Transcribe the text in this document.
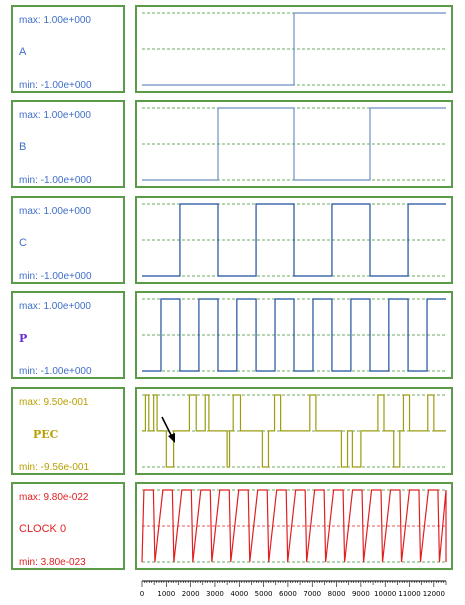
max: 1.00e+000
A
min: -1.00e+000
max: 1.00e+000
B
min: -1.00e+000
max: 1.00e+000
C
min: -1.00e+000
max: 1.00e+000
P
min: -1.00e+000
max: 9.50e-001
PEC
min: -9.56e-001
max: 9.80e-022
CLOCK 0
min: 3.80e-023
0 1000 2000 3000 4000 5000 6000 7000 8000 9000 10000 11000 12000
